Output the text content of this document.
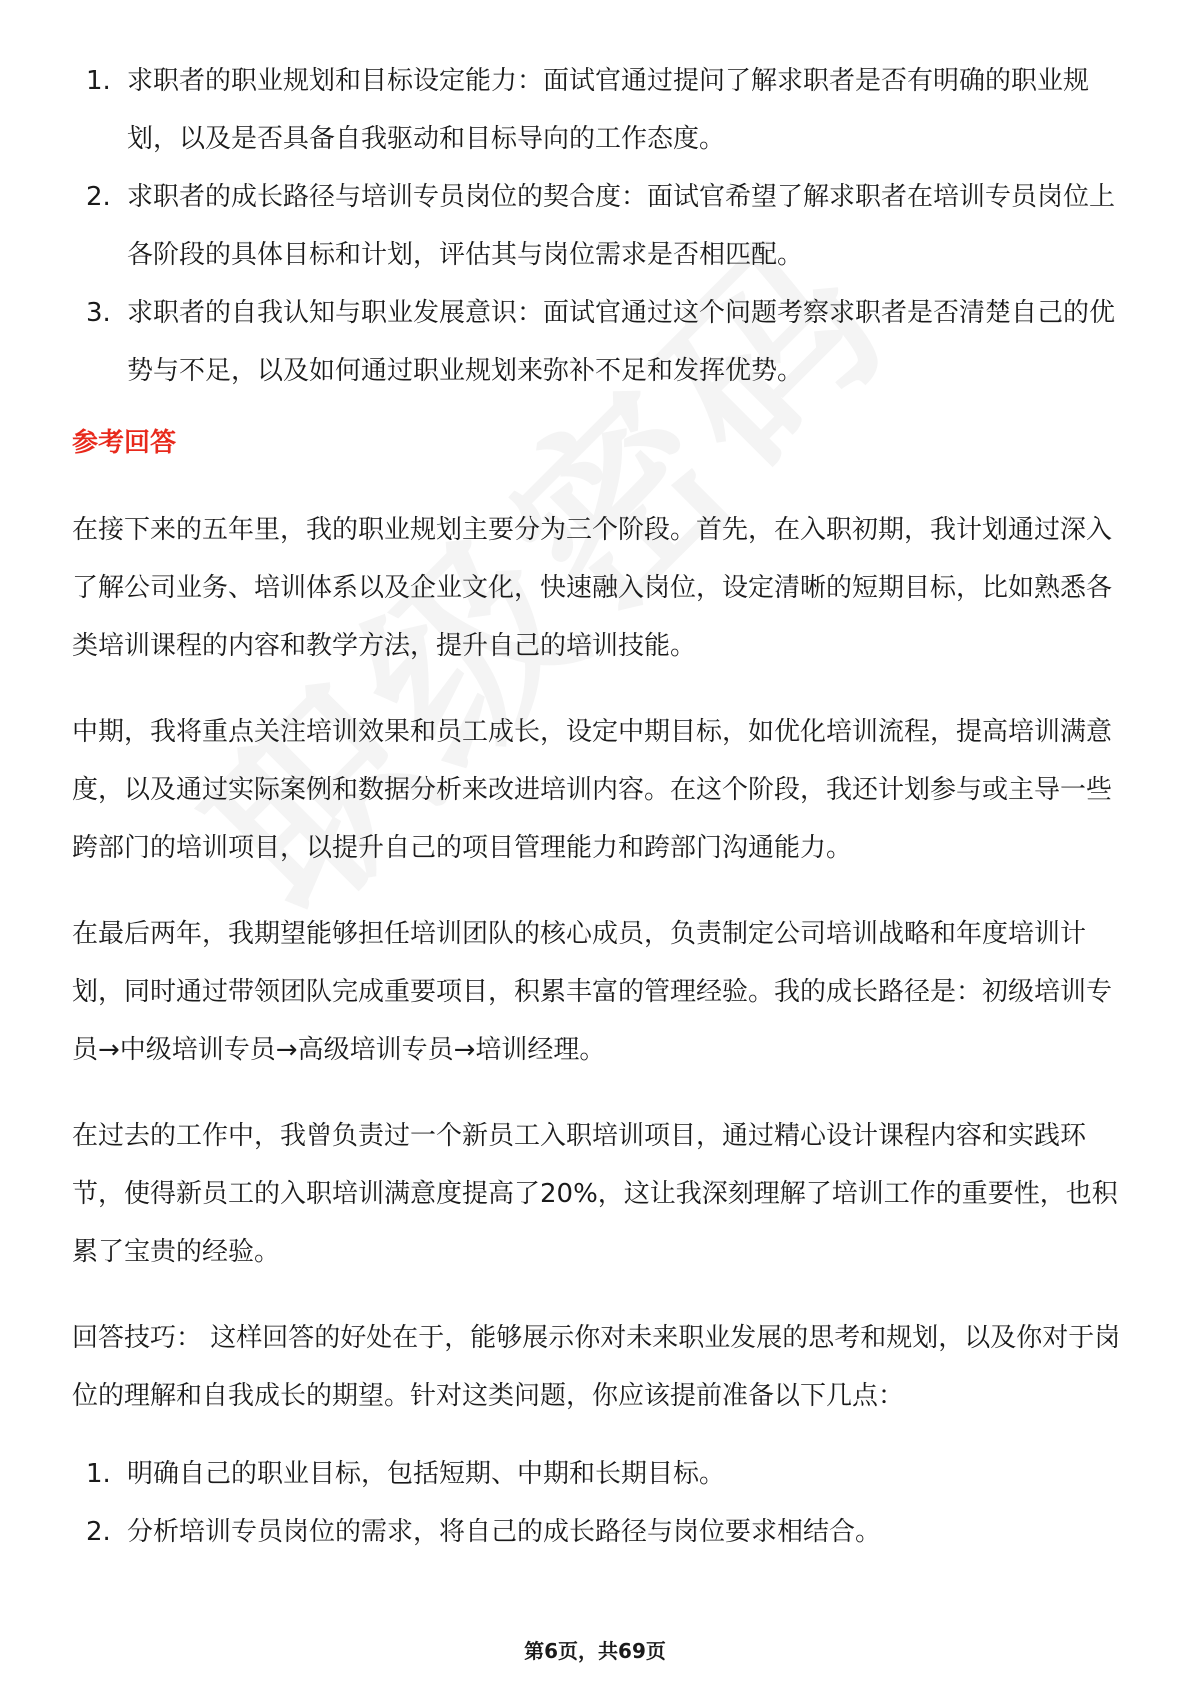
1. 求职者的职业规划和目标设定能力：面试官通过提问了解求职者是否有明确的职业规划，以及是否具备自我驱动和目标导向的工作态度。
2. 求职者的成长路径与培训专员岗位的契合度：面试官希望了解求职者在培训专员岗位上各阶段的具体目标和计划，评估其与岗位需求是否相匹配。
3. 求职者的自我认知与职业发展意识：面试官通过这个问题考察求职者是否清楚自己的优势与不足，以及如何通过职业规划来弥补不足和发挥优势。
参考回答

在接下来的五年里，我的职业规划主要分为三个阶段。首先，在入职初期，我计划通过深入了解公司业务、培训体系以及企业文化，快速融入岗位，设定清晰的短期目标，比如熟悉各类培训课程的内容和教学方法，提升自己的培训技能。

中期，我将重点关注培训效果和员工成长，设定中期目标，如优化培训流程，提高培训满意度，以及通过实际案例和数据分析来改进培训内容。在这个阶段，我还计划参与或主导一些跨部门的培训项目，以提升自己的项目管理能力和跨部门沟通能力。

在最后两年，我期望能够担任培训团队的核心成员，负责制定公司培训战略和年度培训计划，同时通过带领团队完成重要项目，积累丰富的管理经验。我的成长路径是：初级培训专员→中级培训专员→高级培训专员→培训经理。

在过去的工作中，我曾负责过一个新员工入职培训项目，通过精心设计课程内容和实践环节，使得新员工的入职培训满意度提高了20%，这让我深刻理解了培训工作的重要性，也积累了宝贵的经验。

回答技巧： 这样回答的好处在于，能够展示你对未来职业发展的思考和规划，以及你对于岗位的理解和自我成长的期望。针对这类问题，你应该提前准备以下几点：

1. 明确自己的职业目标，包括短期、中期和长期目标。
2. 分析培训专员岗位的需求，将自己的成长路径与岗位要求相结合。
第6页，共69页
